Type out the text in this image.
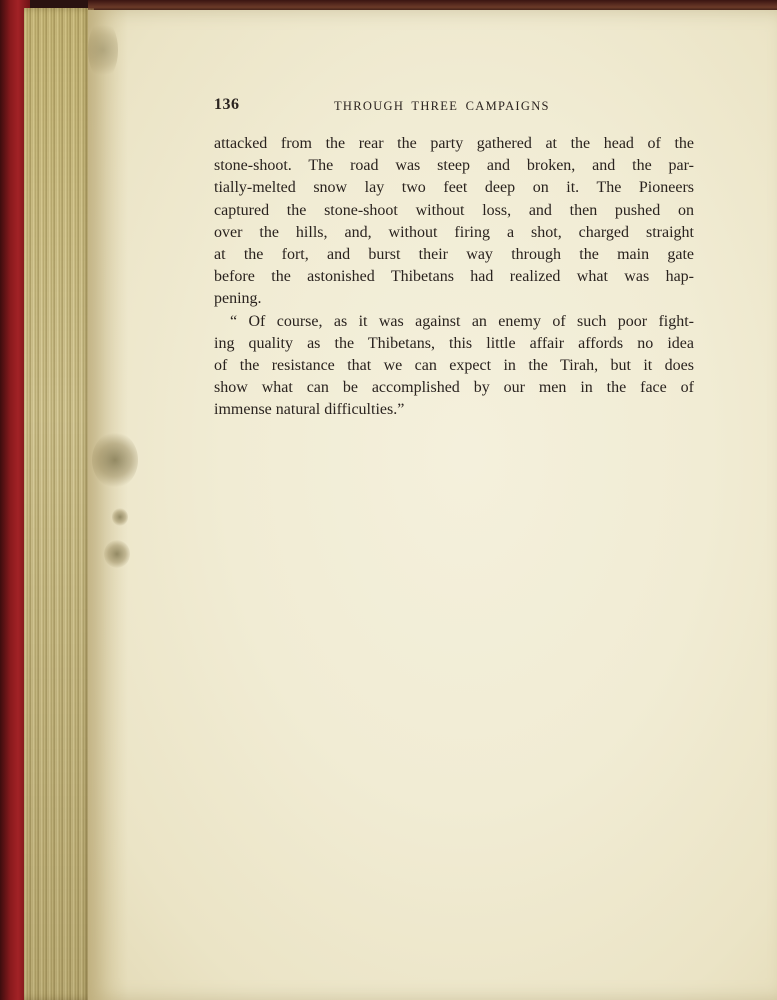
136	THROUGH THREE CAMPAIGNS
attacked from the rear the party gathered at the head of the
stone-shoot. The road was steep and broken, and the par-
tially-melted snow lay two feet deep on it. The Pioneers
captured the stone-shoot without loss, and then pushed on
over the hills, and, without firing a shot, charged straight
at the fort, and burst their way through the main gate
before the astonished Thibetans had realized what was hap-
pening.
“ Of course, as it was against an enemy of such poor fight-
ing quality as the Thibetans, this little affair affords no idea
of the resistance that we can expect in the Tirah, but it does
show what can be accomplished by our men in the face of
immense natural difficulties.”
